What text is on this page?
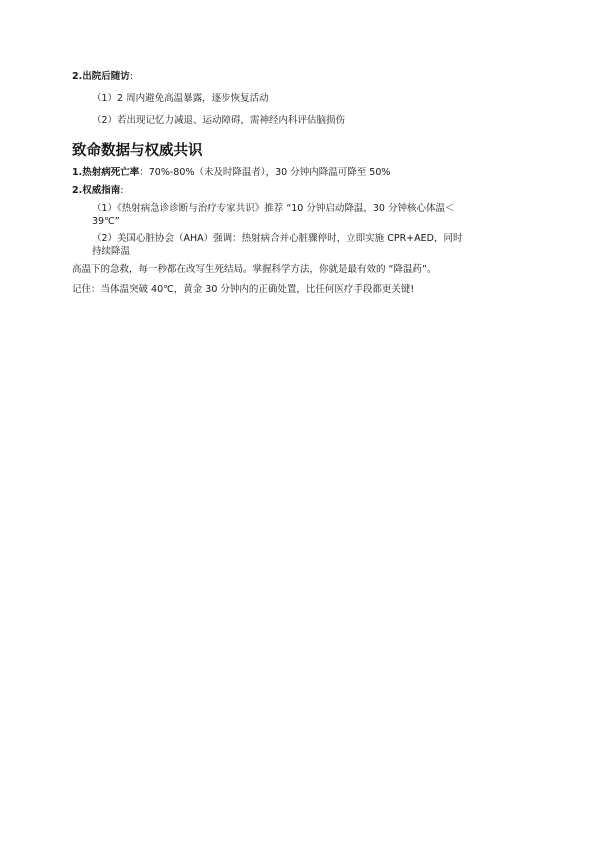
2.出院后随访:

（1）2 周内避免高温暴露，逐步恢复活动

（2）若出现记忆力减退、运动障碍，需神经内科评估脑损伤

致命数据与权威共识

1.热射病死亡率：70%-80%（未及时降温者），30 分钟内降温可降至 50%

2.权威指南:

（1）《热射病急诊诊断与治疗专家共识》推荐 “10 分钟启动降温，30 分钟核心体温＜

39℃”

（2）美国心脏协会（AHA）强调：热射病合并心脏骤停时，立即实施 CPR+AED，同时

持续降温

高温下的急救，每一秒都在改写生死结局。掌握科学方法，你就是最有效的 “降温药”。

记住：当体温突破 40℃，黄金 30 分钟内的正确处置，比任何医疗手段都更关键!
